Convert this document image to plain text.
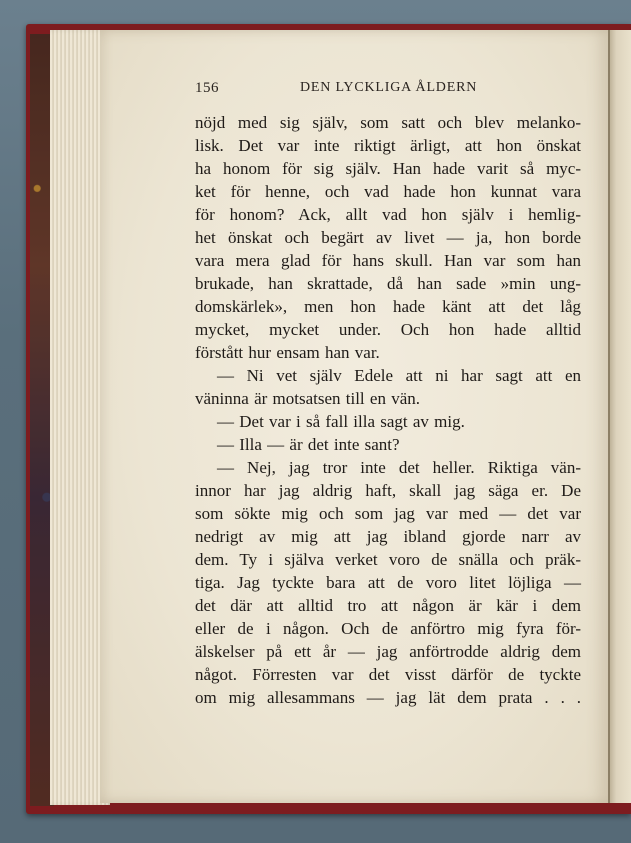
156	DEN LYCKLIGA ÅLDERN
nöjd med sig själv, som satt och blev melanko-
lisk. Det var inte riktigt ärligt, att hon önskat
ha honom för sig själv. Han hade varit så myc-
ket för henne, och vad hade hon kunnat vara
för honom? Ack, allt vad hon själv i hemlig-
het önskat och begärt av livet — ja, hon borde
vara mera glad för hans skull. Han var som han
brukade, han skrattade, då han sade »min ung-
domskärlek», men hon hade känt att det låg
mycket, mycket under. Och hon hade alltid
förstått hur ensam han var.
— Ni vet själv Edele att ni har sagt att en
väninna är motsatsen till en vän.
— Det var i så fall illa sagt av mig.
— Illa — är det inte sant?
— Nej, jag tror inte det heller. Riktiga vän-
innor har jag aldrig haft, skall jag säga er. De
som sökte mig och som jag var med — det var
nedrigt av mig att jag ibland gjorde narr av
dem. Ty i själva verket voro de snälla och präk-
tiga. Jag tyckte bara att de voro litet löjliga —
det där att alltid tro att någon är kär i dem
eller de i någon. Och de anförtro mig fyra för-
älskelser på ett år — jag anförtrodde aldrig dem
något. Förresten var det visst därför de tyckte
om mig allesammans — jag lät dem prata . . .
